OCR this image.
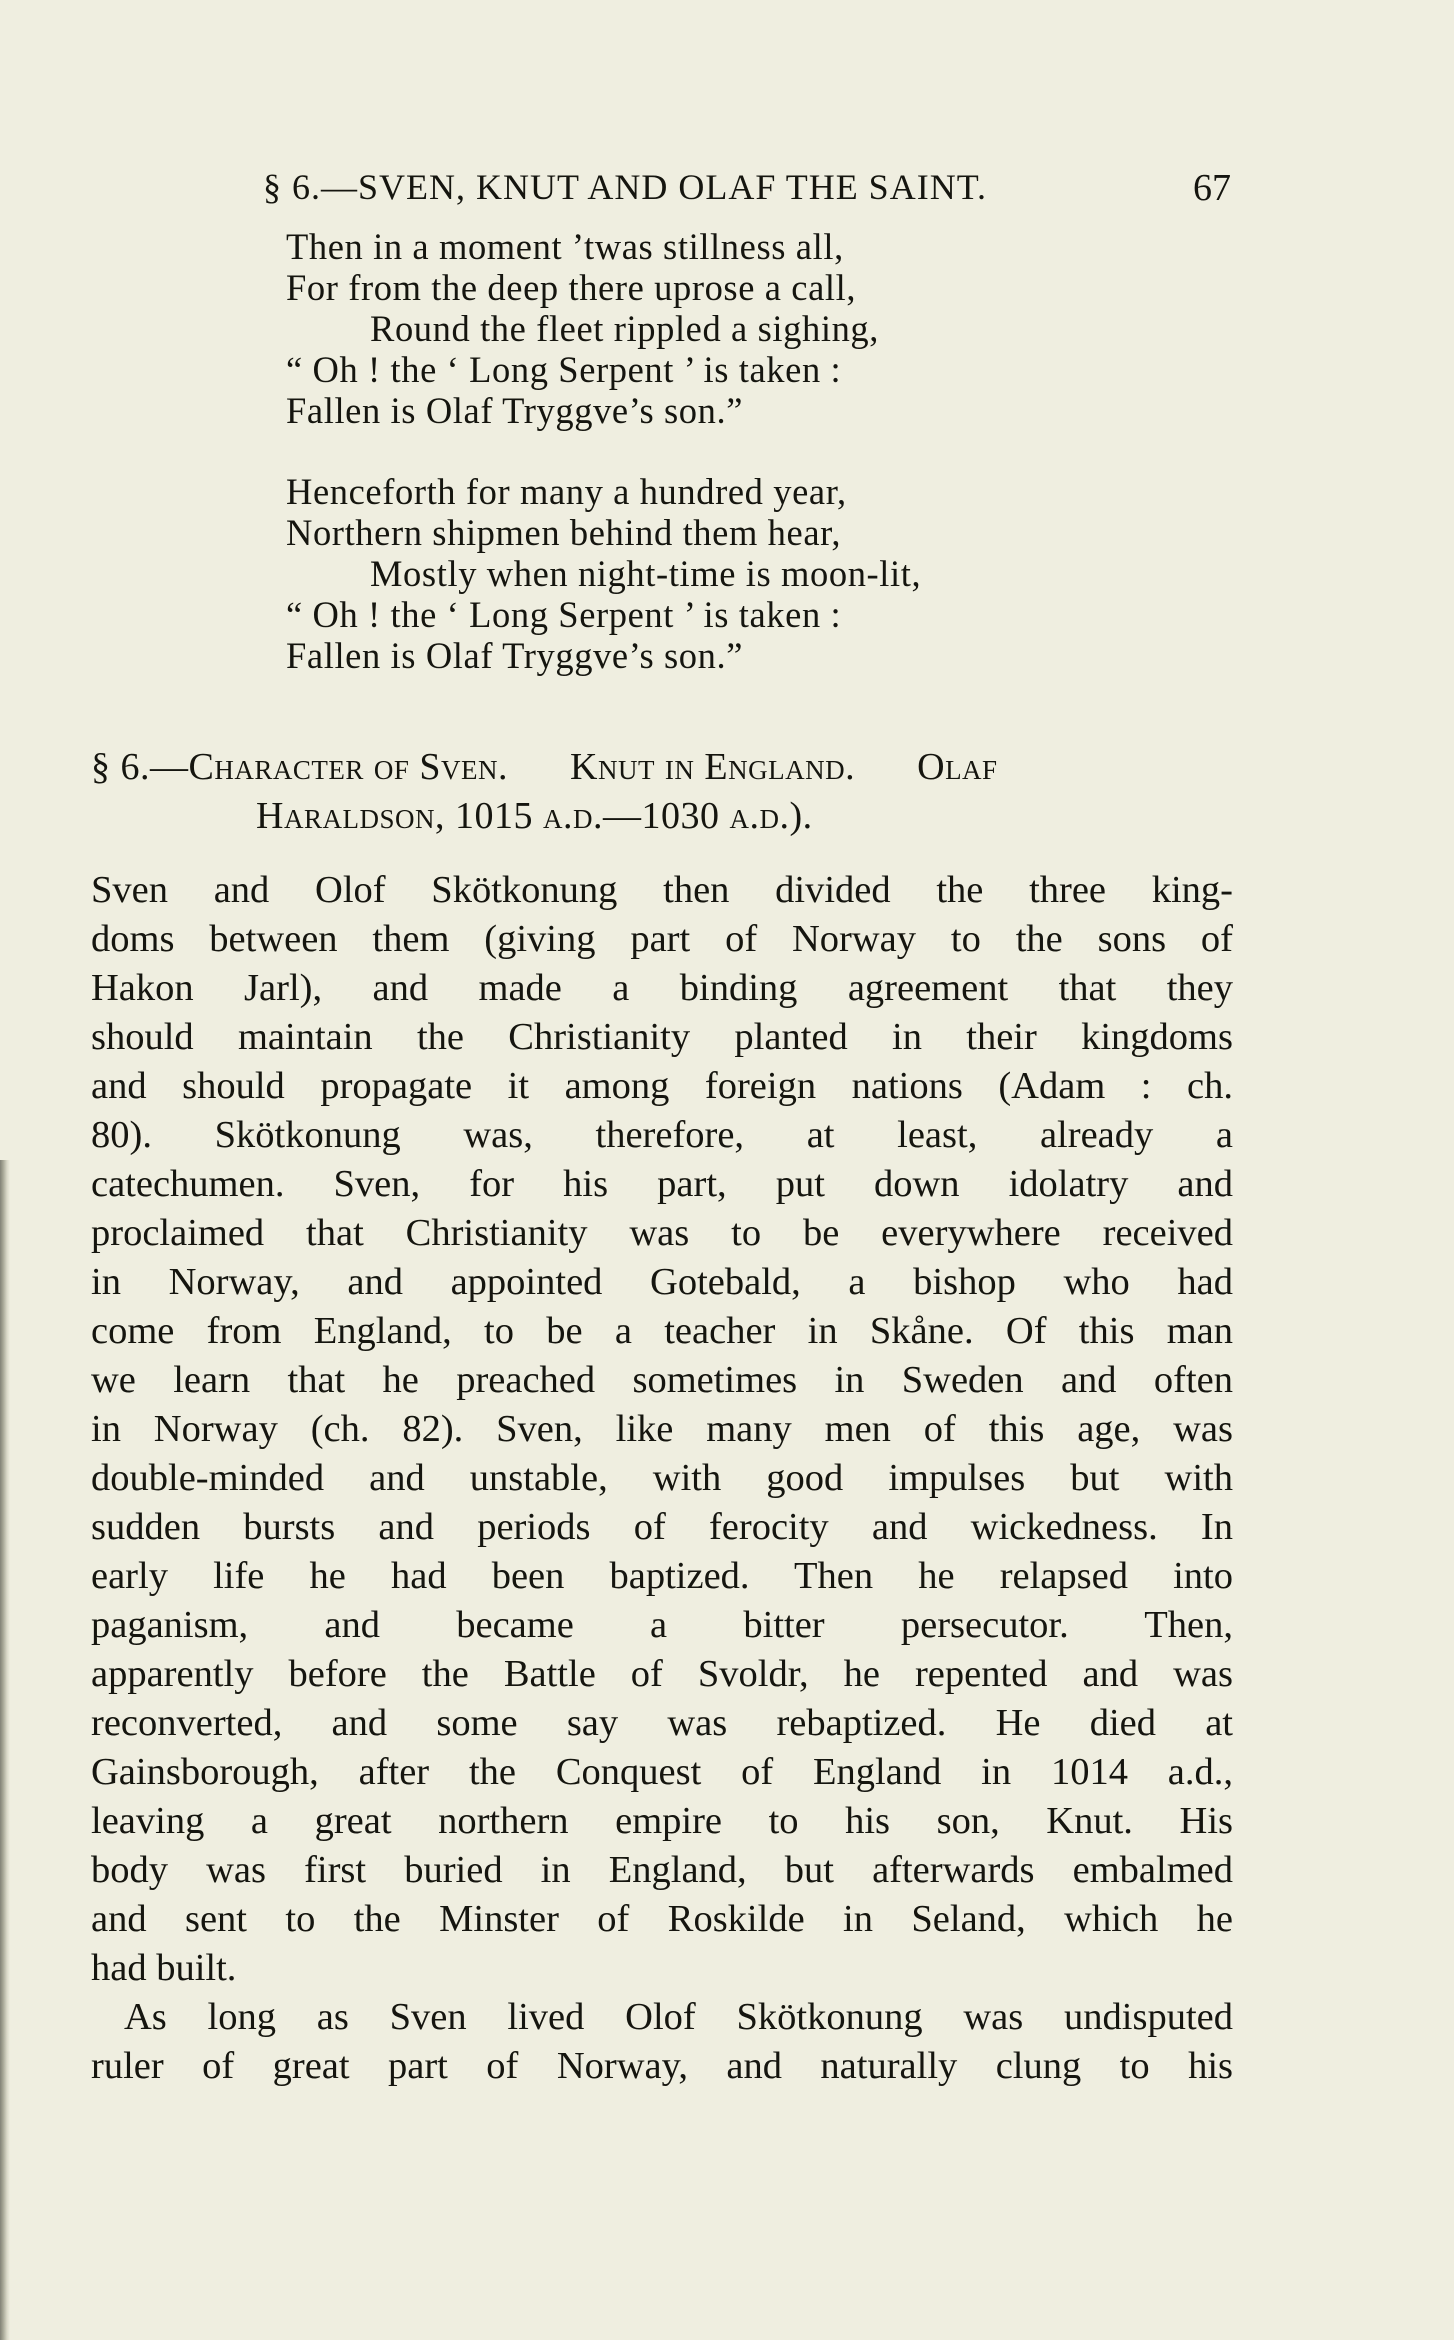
§ 6.—SVEN, KNUT AND OLAF THE SAINT.	67
Then in a moment ’twas stillness all,
For from the deep there uprose a call,
Round the fleet rippled a sighing,
“ Oh ! the ‘ Long Serpent ’ is taken :
Fallen is Olaf Tryggve’s son.”
Henceforth for many a hundred year,
Northern shipmen behind them hear,
Mostly when night-time is moon-lit,
“ Oh ! the ‘ Long Serpent ’ is taken :
Fallen is Olaf Tryggve’s son.”
§ 6.—Character of Sven. Knut in England. Olaf
Haraldson, 1015 a.d.—1030 a.d.).
Sven and Olof Skötkonung then divided the three king-
doms between them (giving part of Norway to the sons of
Hakon Jarl), and made a binding agreement that they
should maintain the Christianity planted in their kingdoms
and should propagate it among foreign nations (Adam : ch.
80). Skötkonung was, therefore, at least, already a
catechumen. Sven, for his part, put down idolatry and
proclaimed that Christianity was to be everywhere received
in Norway, and appointed Gotebald, a bishop who had
come from England, to be a teacher in Skåne. Of this man
we learn that he preached sometimes in Sweden and often
in Norway (ch. 82). Sven, like many men of this age, was
double-minded and unstable, with good impulses but with
sudden bursts and periods of ferocity and wickedness. In
early life he had been baptized. Then he relapsed into
paganism, and became a bitter persecutor. Then,
apparently before the Battle of Svoldr, he repented and was
reconverted, and some say was rebaptized. He died at
Gainsborough, after the Conquest of England in 1014 a.d.,
leaving a great northern empire to his son, Knut. His
body was first buried in England, but afterwards embalmed
and sent to the Minster of Roskilde in Seland, which he
had built.
As long as Sven lived Olof Skötkonung was undisputed
ruler of great part of Norway, and naturally clung to his
